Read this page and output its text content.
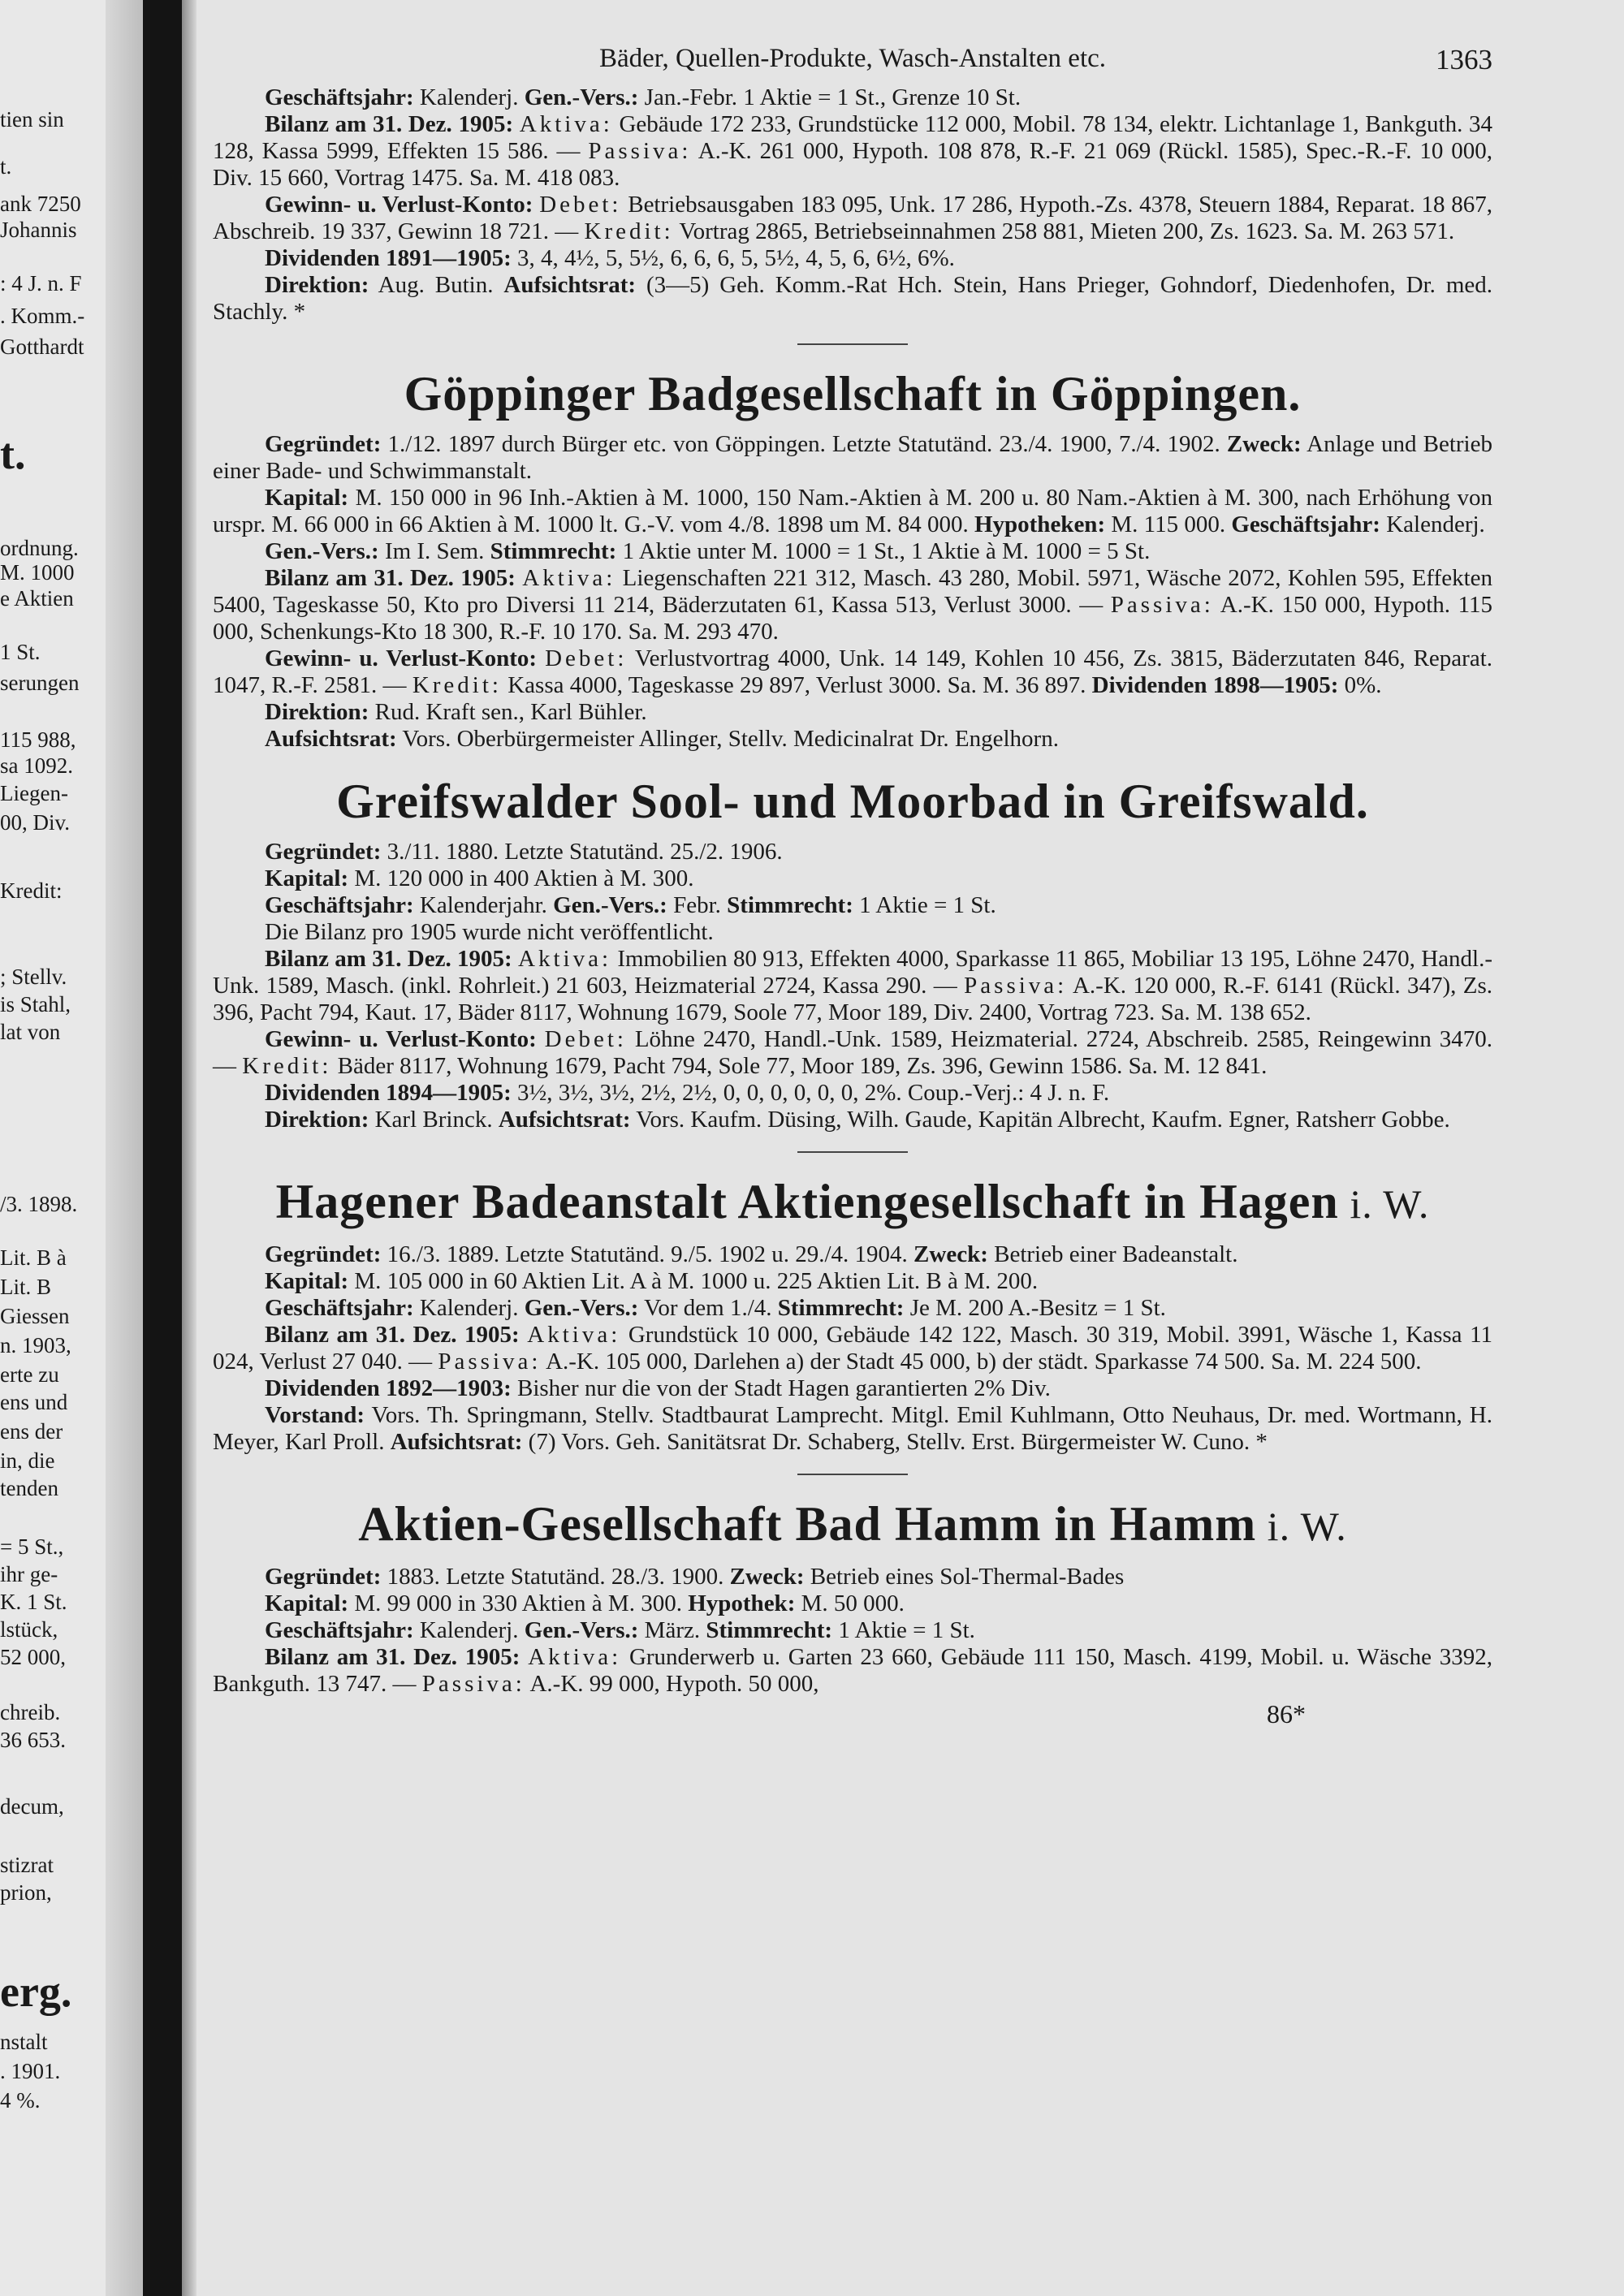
tien sin
t.
ank 7250
Johannis
: 4 J. n. F
. Komm.-
Gotthardt
t.
ordnung.
M. 1000
e Aktien
1 St.
serungen
115 988,
sa 1092.
Liegen-
00, Div.
Kredit:
; Stellv.
is Stahl,
lat von
/3. 1898.
Lit. B à
Lit. B
Giessen
n. 1903,
erte zu
ens und
ens der
in, die
tenden
= 5 St.,
ihr ge-
K. 1 St.
lstück,
52 000,
chreib.
36 653.
decum,
stizrat
prion,
erg.
nstalt
. 1901.
4 %.
Bäder, Quellen-Produkte, Wasch-Anstalten etc.	1363

Geschäftsjahr: Kalenderj. Gen.-Vers.: Jan.-Febr. 1 Aktie = 1 St., Grenze 10 St.

Bilanz am 31. Dez. 1905: Aktiva: Gebäude 172 233, Grundstücke 112 000, Mobil. 78 134, elektr. Lichtanlage 1, Bankguth. 34 128, Kassa 5999, Effekten 15 586. — Passiva: A.-K. 261 000, Hypoth. 108 878, R.-F. 21 069 (Rückl. 1585), Spec.-R.-F. 10 000, Div. 15 660, Vortrag 1475. Sa. M. 418 083.

Gewinn- u. Verlust-Konto: Debet: Betriebsausgaben 183 095, Unk. 17 286, Hypoth.-Zs. 4378, Steuern 1884, Reparat. 18 867, Abschreib. 19 337, Gewinn 18 721. — Kredit: Vortrag 2865, Betriebseinnahmen 258 881, Mieten 200, Zs. 1623. Sa. M. 263 571.

Dividenden 1891—1905: 3, 4, 4½, 5, 5½, 6, 6, 6, 5, 5½, 4, 5, 6, 6½, 6%.

Direktion: Aug. Butin. Aufsichtsrat: (3—5) Geh. Komm.-Rat Hch. Stein, Hans Prieger, Gohndorf, Diedenhofen, Dr. med. Stachly. *

Göppinger Badgesellschaft in Göppingen.

Gegründet: 1./12. 1897 durch Bürger etc. von Göppingen. Letzte Statutänd. 23./4. 1900, 7./4. 1902. Zweck: Anlage und Betrieb einer Bade- und Schwimmanstalt.

Kapital: M. 150 000 in 96 Inh.-Aktien à M. 1000, 150 Nam.-Aktien à M. 200 u. 80 Nam.-Aktien à M. 300, nach Erhöhung von urspr. M. 66 000 in 66 Aktien à M. 1000 lt. G.-V. vom 4./8. 1898 um M. 84 000. Hypotheken: M. 115 000. Geschäftsjahr: Kalenderj.

Gen.-Vers.: Im I. Sem. Stimmrecht: 1 Aktie unter M. 1000 = 1 St., 1 Aktie à M. 1000 = 5 St.

Bilanz am 31. Dez. 1905: Aktiva: Liegenschaften 221 312, Masch. 43 280, Mobil. 5971, Wäsche 2072, Kohlen 595, Effekten 5400, Tageskasse 50, Kto pro Diversi 11 214, Bäderzutaten 61, Kassa 513, Verlust 3000. — Passiva: A.-K. 150 000, Hypoth. 115 000, Schenkungs-Kto 18 300, R.-F. 10 170. Sa. M. 293 470.

Gewinn- u. Verlust-Konto: Debet: Verlustvortrag 4000, Unk. 14 149, Kohlen 10 456, Zs. 3815, Bäderzutaten 846, Reparat. 1047, R.-F. 2581. — Kredit: Kassa 4000, Tageskasse 29 897, Verlust 3000. Sa. M. 36 897. Dividenden 1898—1905: 0%.

Direktion: Rud. Kraft sen., Karl Bühler.

Aufsichtsrat: Vors. Oberbürgermeister Allinger, Stellv. Medicinalrat Dr. Engelhorn.

Greifswalder Sool- und Moorbad in Greifswald.

Gegründet: 3./11. 1880. Letzte Statutänd. 25./2. 1906.

Kapital: M. 120 000 in 400 Aktien à M. 300.

Geschäftsjahr: Kalenderjahr. Gen.-Vers.: Febr. Stimmrecht: 1 Aktie = 1 St.

Die Bilanz pro 1905 wurde nicht veröffentlicht.

Bilanz am 31. Dez. 1905: Aktiva: Immobilien 80 913, Effekten 4000, Sparkasse 11 865, Mobiliar 13 195, Löhne 2470, Handl.-Unk. 1589, Masch. (inkl. Rohrleit.) 21 603, Heizmaterial 2724, Kassa 290. — Passiva: A.-K. 120 000, R.-F. 6141 (Rückl. 347), Zs. 396, Pacht 794, Kaut. 17, Bäder 8117, Wohnung 1679, Soole 77, Moor 189, Div. 2400, Vortrag 723. Sa. M. 138 652.

Gewinn- u. Verlust-Konto: Debet: Löhne 2470, Handl.-Unk. 1589, Heizmaterial. 2724, Abschreib. 2585, Reingewinn 3470. — Kredit: Bäder 8117, Wohnung 1679, Pacht 794, Sole 77, Moor 189, Zs. 396, Gewinn 1586. Sa. M. 12 841.

Dividenden 1894—1905: 3½, 3½, 3½, 2½, 2½, 0, 0, 0, 0, 0, 0, 2%. Coup.-Verj.: 4 J. n. F.

Direktion: Karl Brinck. Aufsichtsrat: Vors. Kaufm. Düsing, Wilh. Gaude, Kapitän Albrecht, Kaufm. Egner, Ratsherr Gobbe.

Hagener Badeanstalt Aktiengesellschaft in Hagen i. W.

Gegründet: 16./3. 1889. Letzte Statutänd. 9./5. 1902 u. 29./4. 1904. Zweck: Betrieb einer Badeanstalt.

Kapital: M. 105 000 in 60 Aktien Lit. A à M. 1000 u. 225 Aktien Lit. B à M. 200.

Geschäftsjahr: Kalenderj. Gen.-Vers.: Vor dem 1./4. Stimmrecht: Je M. 200 A.-Besitz = 1 St.

Bilanz am 31. Dez. 1905: Aktiva: Grundstück 10 000, Gebäude 142 122, Masch. 30 319, Mobil. 3991, Wäsche 1, Kassa 11 024, Verlust 27 040. — Passiva: A.-K. 105 000, Darlehen a) der Stadt 45 000, b) der städt. Sparkasse 74 500. Sa. M. 224 500.

Dividenden 1892—1903: Bisher nur die von der Stadt Hagen garantierten 2% Div.

Vorstand: Vors. Th. Springmann, Stellv. Stadtbaurat Lamprecht. Mitgl. Emil Kuhlmann, Otto Neuhaus, Dr. med. Wortmann, H. Meyer, Karl Proll. Aufsichtsrat: (7) Vors. Geh. Sanitätsrat Dr. Schaberg, Stellv. Erst. Bürgermeister W. Cuno. *

Aktien-Gesellschaft Bad Hamm in Hamm i. W.

Gegründet: 1883. Letzte Statutänd. 28./3. 1900. Zweck: Betrieb eines Sol-Thermal-Bades

Kapital: M. 99 000 in 330 Aktien à M. 300. Hypothek: M. 50 000.

Geschäftsjahr: Kalenderj. Gen.-Vers.: März. Stimmrecht: 1 Aktie = 1 St.

Bilanz am 31. Dez. 1905: Aktiva: Grunderwerb u. Garten 23 660, Gebäude 111 150, Masch. 4199, Mobil. u. Wäsche 3392, Bankguth. 13 747. — Passiva: A.-K. 99 000, Hypoth. 50 000,

86*
